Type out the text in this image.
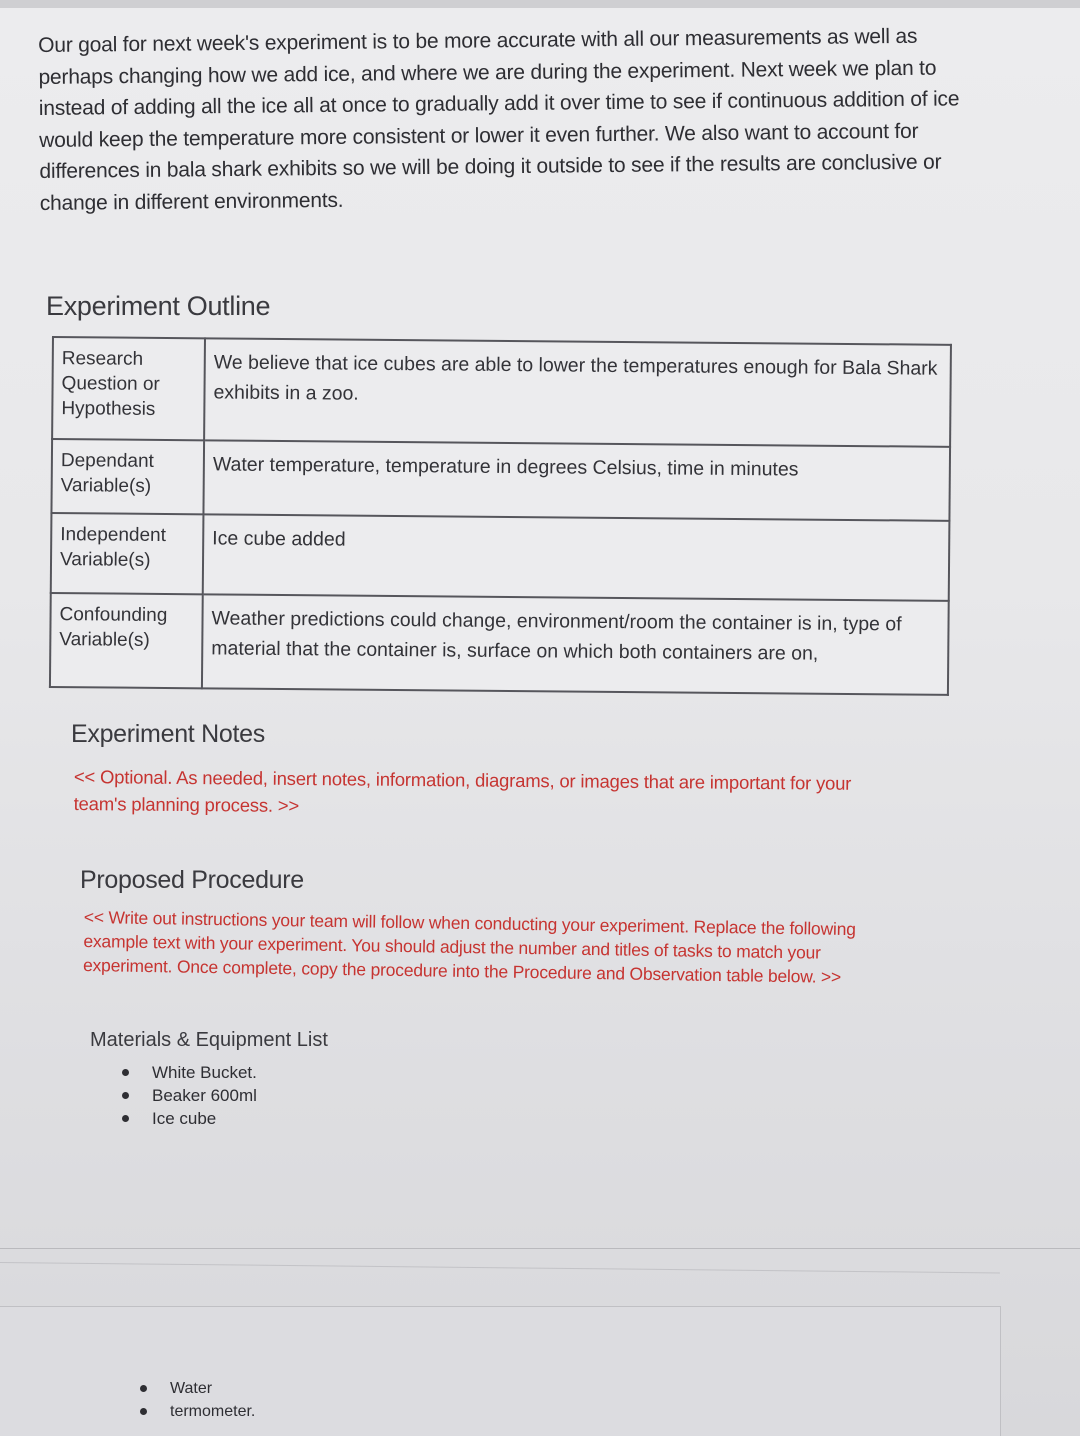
Our goal for next week's experiment is to be more accurate with all our measurements as well as perhaps changing how we add ice, and where we are during the experiment. Next week we plan to instead of adding all the ice all at once to gradually add it over time to see if continuous addition of ice would keep the temperature more consistent or lower it even further. We also want to account for differences in bala shark exhibits so we will be doing it outside to see if the results are conclusive or change in different environments.

Experiment Outline
Research Question or Hypothesis	We believe that ice cubes are able to lower the temperatures enough for Bala Shark exhibits in a zoo.
Dependant Variable(s)	Water temperature, temperature in degrees Celsius, time in minutes
Independent Variable(s)	Ice cube added
Confounding Variable(s)	Weather predictions could change, environment/room the container is in, type of material that the container is, surface on which both containers are on,
Experiment Notes

<< Optional. As needed, insert notes, information, diagrams, or images that are important for your team's planning process. >>

Proposed Procedure

<< Write out instructions your team will follow when conducting your experiment. Replace the following example text with your experiment. You should adjust the number and titles of tasks to match your experiment. Once complete, copy the procedure into the Procedure and Observation table below. >>

Materials & Equipment List
White Bucket.
Beaker 600ml
Ice cube
Water
termometer.
